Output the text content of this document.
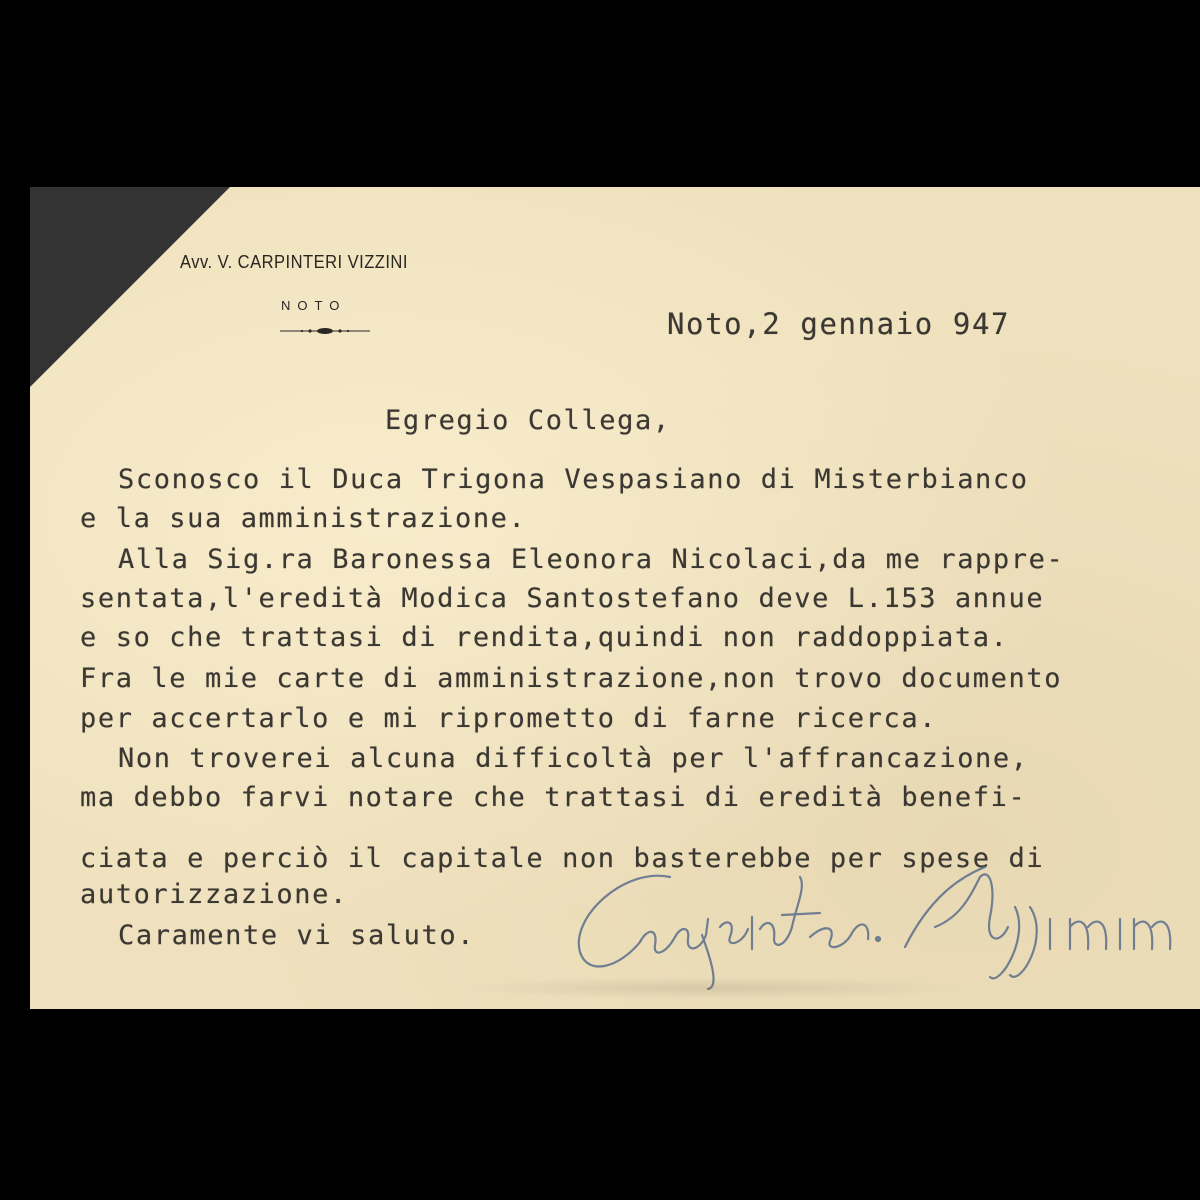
Avv. V. CARPINTERI VIZZINI
NOTO
Noto,2 gennaio 947
Egregio Collega,
Sconosco il Duca Trigona Vespasiano di Misterbianco
e la sua amministrazione.
Alla Sig.ra Baronessa Eleonora Nicolaci,da me rappre-
sentata,l'eredità Modica Santostefano deve L.153 annue
e so che trattasi di rendita,quindi non raddoppiata.
Fra le mie carte di amministrazione,non trovo documento
per accertarlo e mi riprometto di farne ricerca.
Non troverei alcuna difficoltà per l'affrancazione,
ma debbo farvi notare che trattasi di eredità benefi-
ciata e perciò il capitale non basterebbe per spese di
autorizzazione.
Caramente vi saluto.
